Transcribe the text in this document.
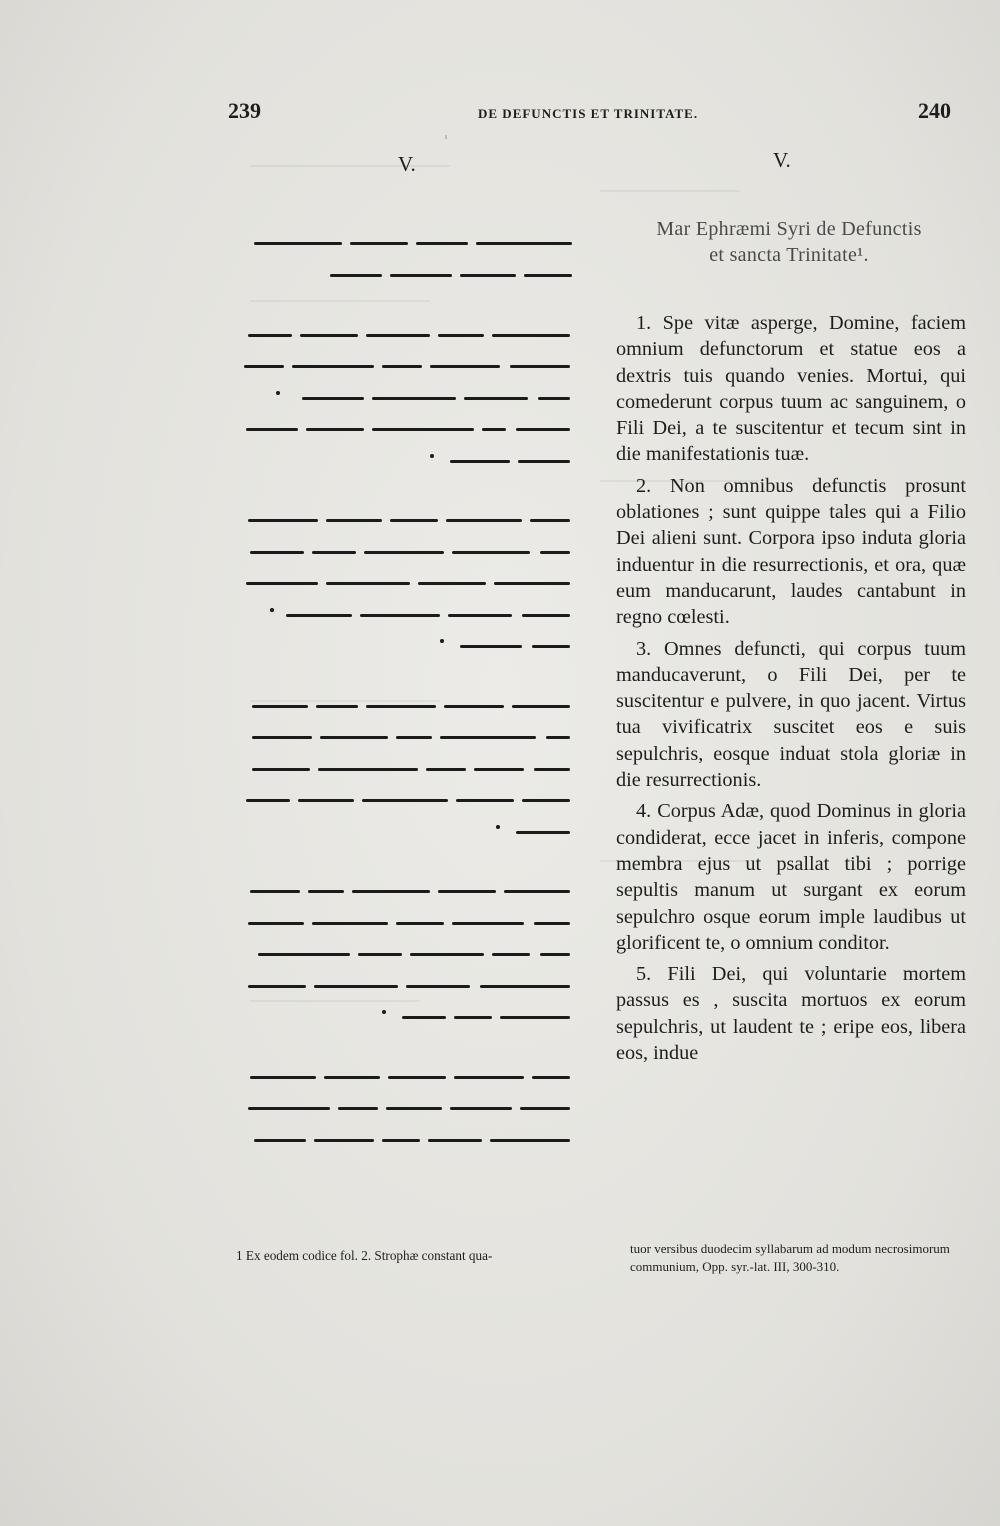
239	DE DEFUNCTIS ET TRINITATE.	240
V.	V.
Mar Ephræmi Syri de Defunctis
et sancta Trinitate¹.

1. Spe vitæ asperge, Domine, faciem omnium defunctorum et statue eos a dextris tuis quando venies. Mortui, qui comederunt corpus tuum ac sanguinem, o Fili Dei, a te suscitentur et tecum sint in die manifestationis tuæ.

2. Non omnibus defunctis prosunt oblationes ; sunt quippe tales qui a Filio Dei alieni sunt. Corpora ipso induta gloria induentur in die resurrectionis, et ora, quæ eum manducarunt, laudes cantabunt in regno cœlesti.

3. Omnes defuncti, qui corpus tuum manducaverunt, o Fili Dei, per te suscitentur e pulvere, in quo jacent. Virtus tua vivificatrix suscitet eos e suis sepulchris, eosque induat stola gloriæ in die resurrectionis.

4. Corpus Adæ, quod Dominus in gloria condiderat, ecce jacet in inferis, compone membra ejus ut psallat tibi ; porrige sepultis manum ut surgant ex eorum sepulchro osque eorum imple laudibus ut glorificent te, o omnium conditor.

5. Fili Dei, qui voluntarie mortem passus es , suscita mortuos ex eorum sepulchris, ut laudent te ; eripe eos, libera eos, indue

1 Ex eodem codice fol. 2. Strophæ constant qua-	tuor versibus duodecim syllabarum ad modum necrosimorum communium, Opp. syr.-lat. III, 300-310.
